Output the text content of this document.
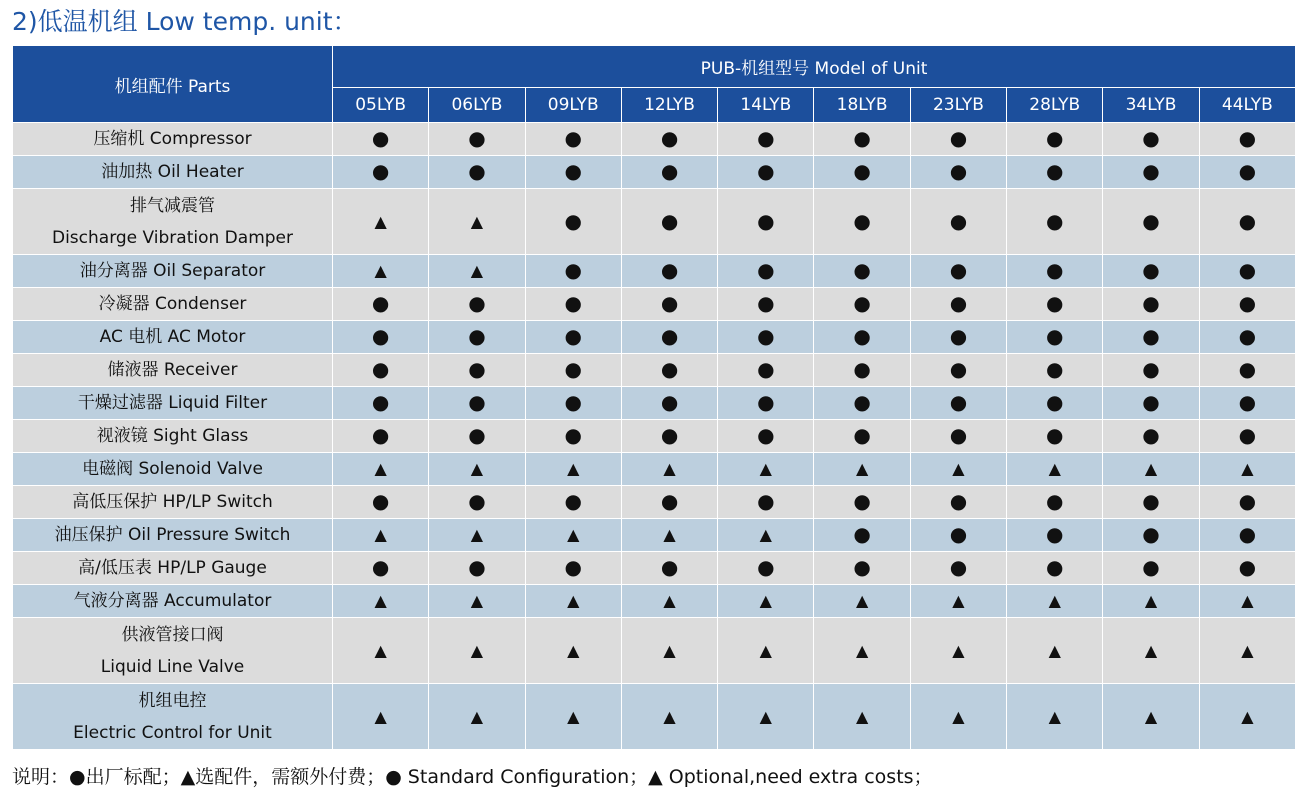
2)低温机组 Low temp. unit：
机组配件 Parts	PUB-机组型号 Model of Unit									
	05LYB	06LYB	09LYB	12LYB	14LYB	18LYB	23LYB	28LYB	34LYB	44LYB

压缩机 Compressor	●	●	●	●	●	●	●	●	●	●

油加热 Oil Heater	●	●	●	●	●	●	●	●	●	●

排气减震管
Discharge Vibration Damper	▲	▲	●	●	●	●	●	●	●	●

油分离器 Oil Separator	▲	▲	●	●	●	●	●	●	●	●

冷凝器 Condenser	●	●	●	●	●	●	●	●	●	●

AC 电机 AC Motor	●	●	●	●	●	●	●	●	●	●

储液器 Receiver	●	●	●	●	●	●	●	●	●	●

干燥过滤器 Liquid Filter	●	●	●	●	●	●	●	●	●	●

视液镜 Sight Glass	●	●	●	●	●	●	●	●	●	●

电磁阀 Solenoid Valve	▲	▲	▲	▲	▲	▲	▲	▲	▲	▲

高低压保护 HP/LP Switch	●	●	●	●	●	●	●	●	●	●

油压保护 Oil Pressure Switch	▲	▲	▲	▲	▲	●	●	●	●	●

高/低压表 HP/LP Gauge	●	●	●	●	●	●	●	●	●	●

气液分离器 Accumulator	▲	▲	▲	▲	▲	▲	▲	▲	▲	▲

供液管接口阀
Liquid Line Valve	▲	▲	▲	▲	▲	▲	▲	▲	▲	▲

机组电控
Electric Control for Unit	▲	▲	▲	▲	▲	▲	▲	▲	▲	▲
说明：●出厂标配；▲选配件，需额外付费；● Standard Configuration；▲ Optional,need extra costs；
